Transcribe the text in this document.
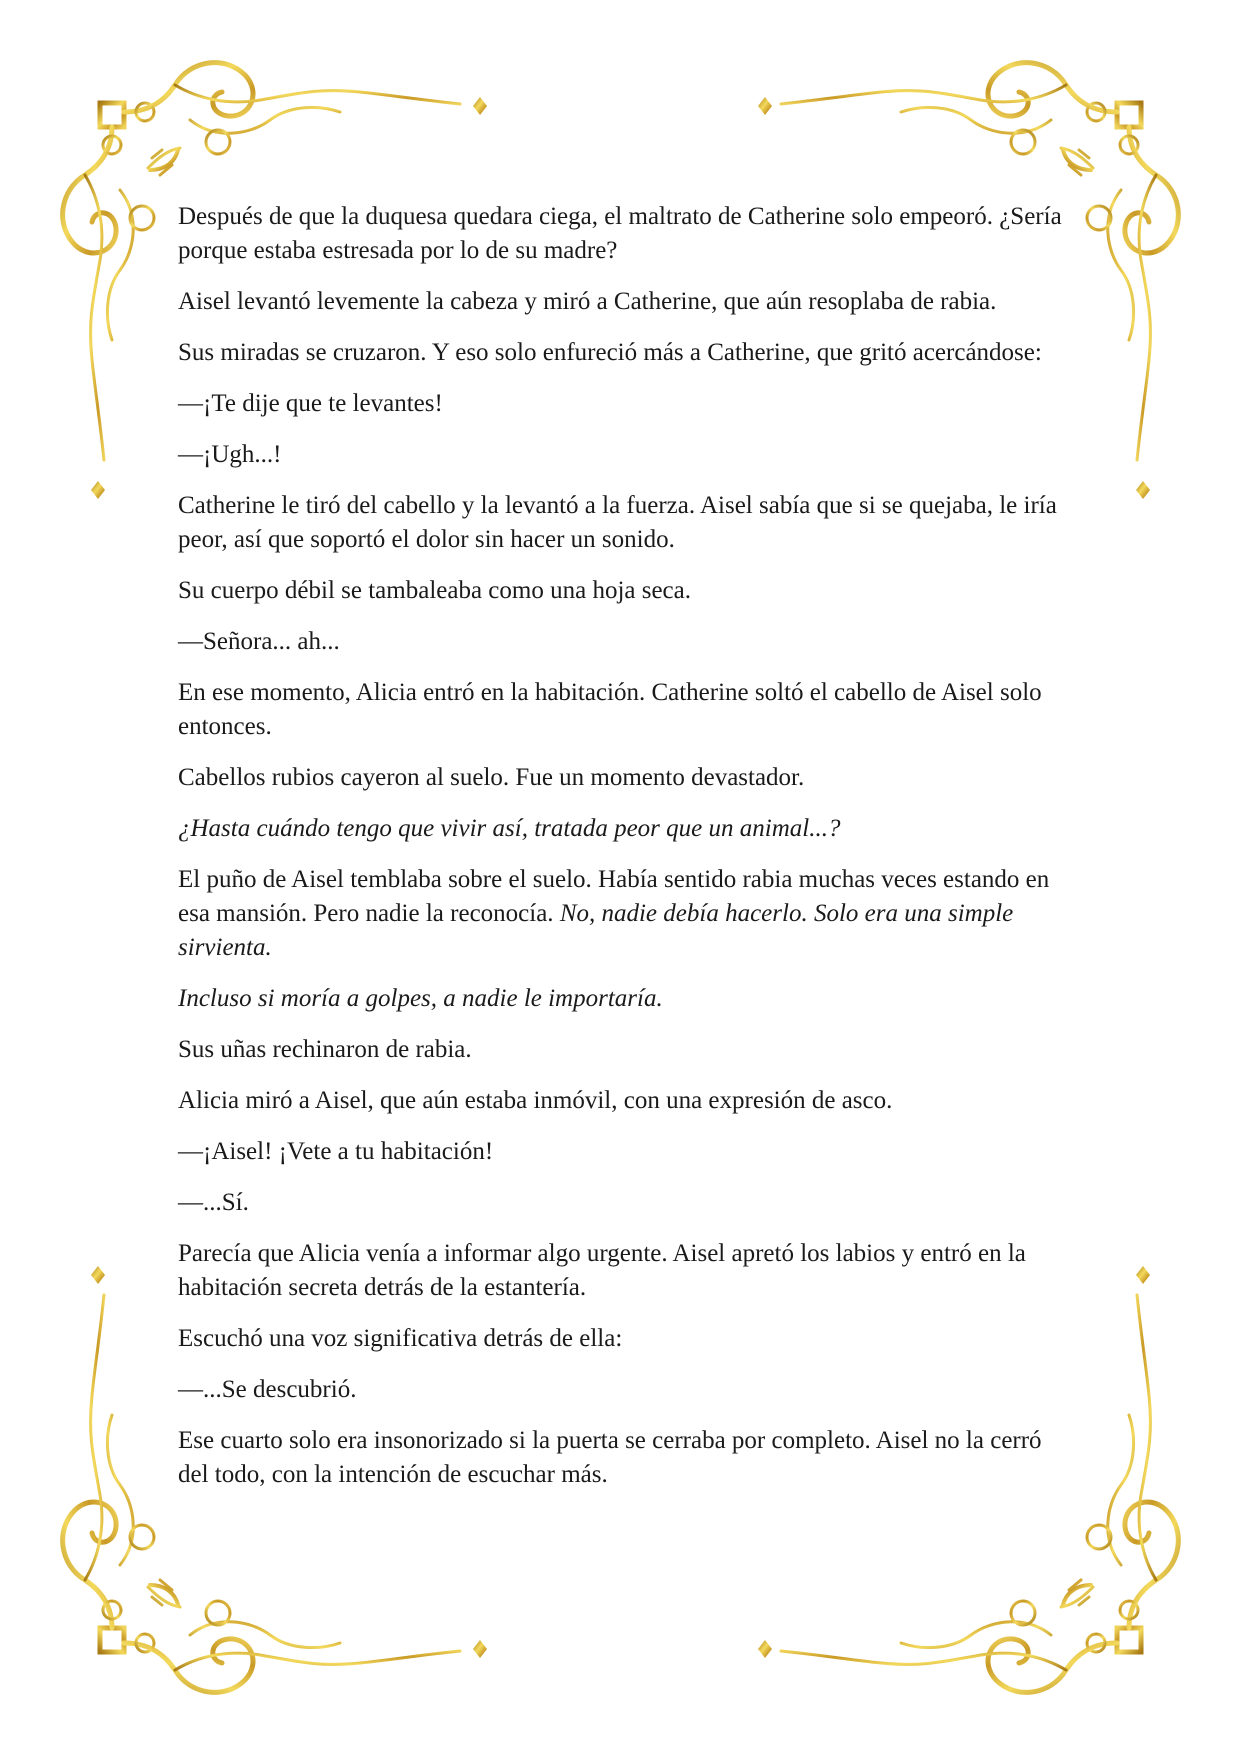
Después de que la duquesa quedara ciega, el maltrato de Catherine solo empeoró. ¿Sería porque estaba estresada por lo de su madre?

Aisel levantó levemente la cabeza y miró a Catherine, que aún resoplaba de rabia.

Sus miradas se cruzaron. Y eso solo enfureció más a Catherine, que gritó acercándose:

—¡Te dije que te levantes!

—¡Ugh...!

Catherine le tiró del cabello y la levantó a la fuerza. Aisel sabía que si se quejaba, le iría peor, así que soportó el dolor sin hacer un sonido.

Su cuerpo débil se tambaleaba como una hoja seca.

—Señora... ah...

En ese momento, Alicia entró en la habitación. Catherine soltó el cabello de Aisel solo entonces.

Cabellos rubios cayeron al suelo. Fue un momento devastador.

¿Hasta cuándo tengo que vivir así, tratada peor que un animal...?

El puño de Aisel temblaba sobre el suelo. Había sentido rabia muchas veces estando en esa mansión. Pero nadie la reconocía. No, nadie debía hacerlo. Solo era una simple sirvienta.

Incluso si moría a golpes, a nadie le importaría.

Sus uñas rechinaron de rabia.

Alicia miró a Aisel, que aún estaba inmóvil, con una expresión de asco.

—¡Aisel! ¡Vete a tu habitación!

—...Sí.

Parecía que Alicia venía a informar algo urgente. Aisel apretó los labios y entró en la habitación secreta detrás de la estantería.

Escuchó una voz significativa detrás de ella:

—...Se descubrió.

Ese cuarto solo era insonorizado si la puerta se cerraba por completo. Aisel no la cerró del todo, con la intención de escuchar más.
